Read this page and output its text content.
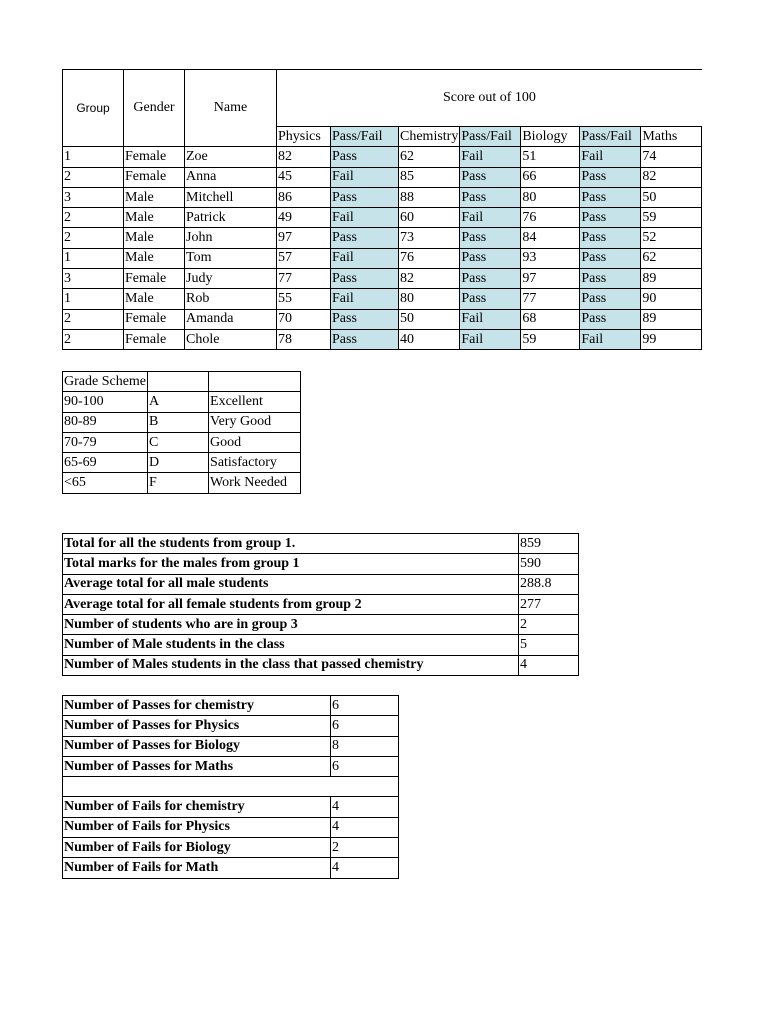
Group	Gender	Name	Score out of 100						
			Physics	Pass/Fail	Chemistry	Pass/Fail	Biology	Pass/Fail	Maths
1	Female	Zoe	82	Pass	62	Fail	51	Fail	74
2	Female	Anna	45	Fail	85	Pass	66	Pass	82
3	Male	Mitchell	86	Pass	88	Pass	80	Pass	50
2	Male	Patrick	49	Fail	60	Fail	76	Pass	59
2	Male	John	97	Pass	73	Pass	84	Pass	52
1	Male	Tom	57	Fail	76	Pass	93	Pass	62
3	Female	Judy	77	Pass	82	Pass	97	Pass	89
1	Male	Rob	55	Fail	80	Pass	77	Pass	90
2	Female	Amanda	70	Pass	50	Fail	68	Pass	89
2	Female	Chole	78	Pass	40	Fail	59	Fail	99
Grade Scheme		
90-100	A	Excellent
80-89	B	Very Good
70-79	C	Good
65-69	D	Satisfactory
<65	F	Work Needed
Total for all the students from group 1.	859
Total marks for the males from group 1	590
Average total for all male students	288.8
Average total for all female students from group 2	277
Number of students who are in group 3	2
Number of Male students in the class	5
Number of Males students in the class that passed chemistry	4
Number of Passes for chemistry	6
Number of Passes for Physics	6
Number of Passes for Biology	8
Number of Passes for Maths	6

Number of Fails for chemistry	4
Number of Fails for Physics	4
Number of Fails for Biology	2
Number of Fails for Math	4
